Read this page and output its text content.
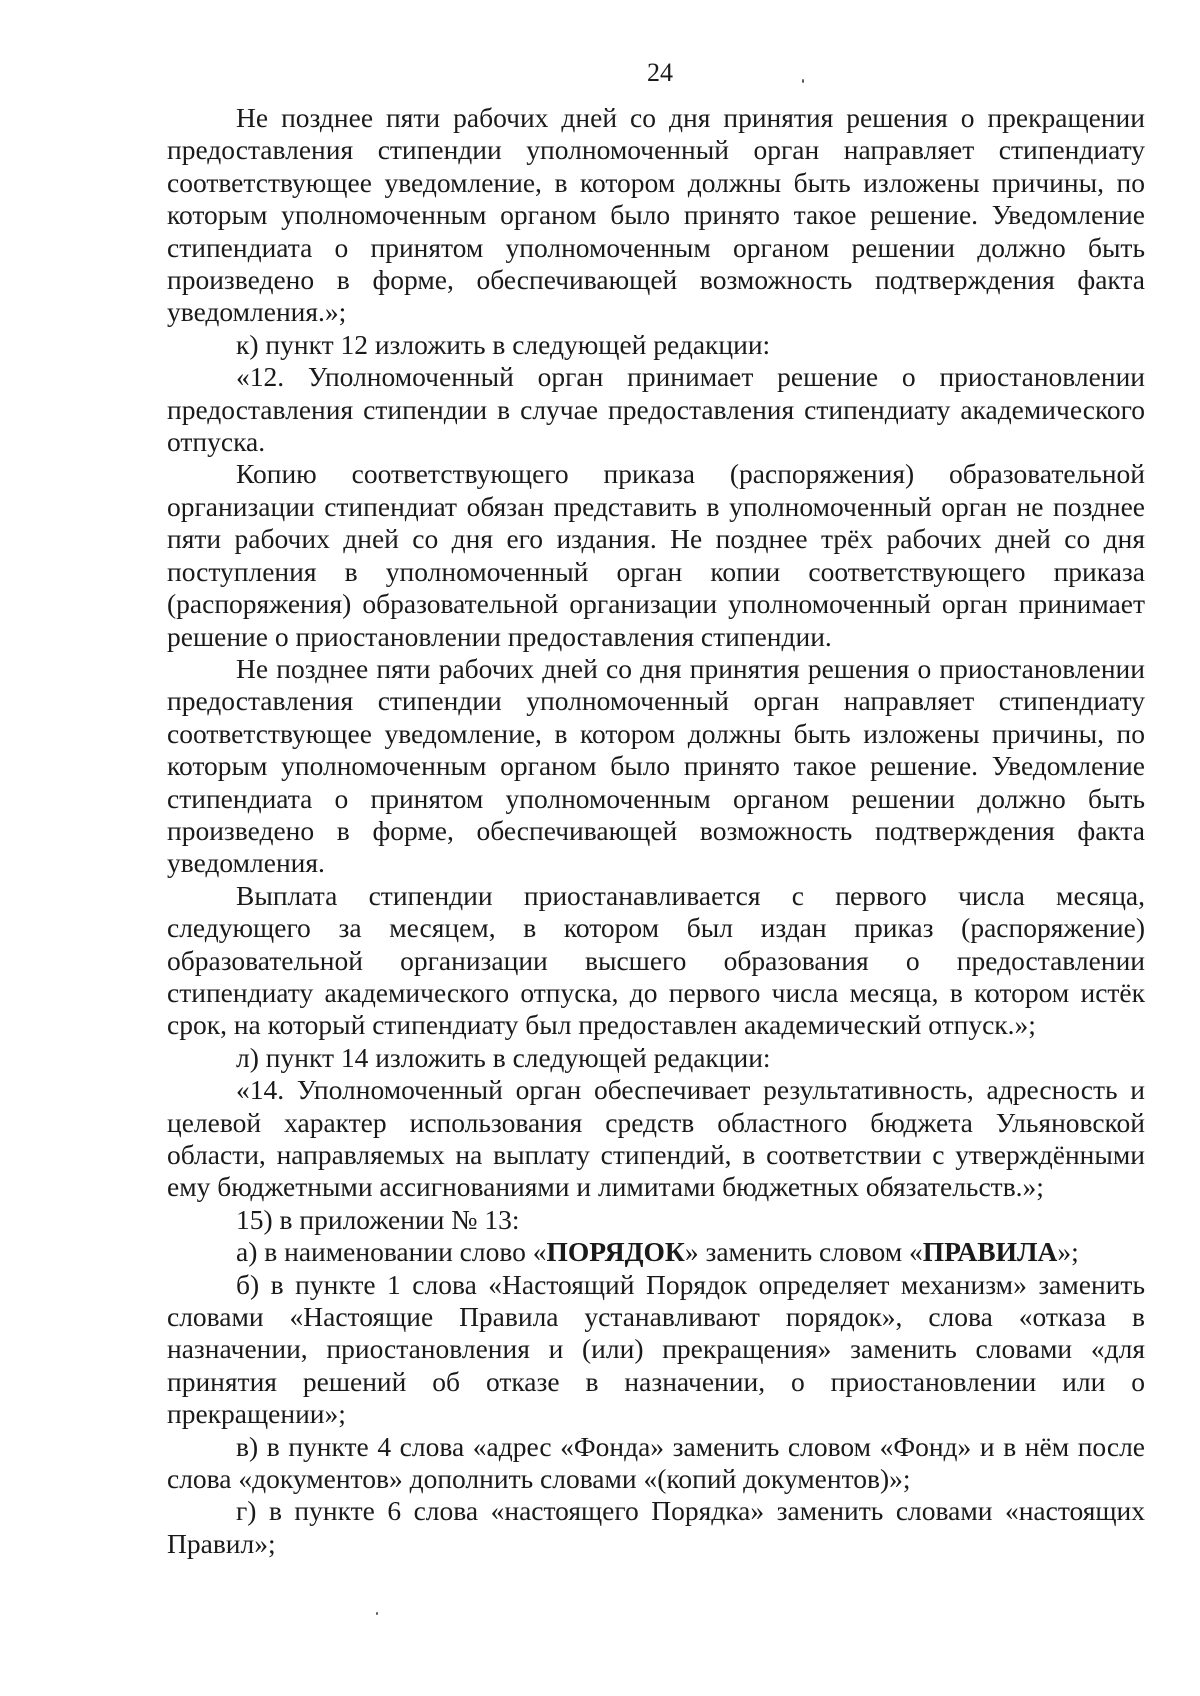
24

Не позднее пяти рабочих дней со дня принятия решения о прекращении предоставления стипендии уполномоченный орган направляет стипендиату соответствующее уведомление, в котором должны быть изложены причины, по которым уполномоченным органом было принято такое решение. Уведомление стипендиата о принятом уполномоченным органом решении должно быть произведено в форме, обеспечивающей возможность подтверждения факта уведомления.»;

к) пункт 12 изложить в следующей редакции:

«12. Уполномоченный орган принимает решение о приостановлении предоставления стипендии в случае предоставления стипендиату академического отпуска.

Копию соответствующего приказа (распоряжения) образовательной организации стипендиат обязан представить в уполномоченный орган не позднее пяти рабочих дней со дня его издания. Не позднее трёх рабочих дней со дня поступления в уполномоченный орган копии соответствующего приказа (распоряжения) образовательной организации уполномоченный орган принимает решение о приостановлении предоставления стипендии.

Не позднее пяти рабочих дней со дня принятия решения о приостановлении предоставления стипендии уполномоченный орган направляет стипендиату соответствующее уведомление, в котором должны быть изложены причины, по которым уполномоченным органом было принято такое решение. Уведомление стипендиата о принятом уполномоченным органом решении должно быть произведено в форме, обеспечивающей возможность подтверждения факта уведомления.

Выплата стипендии приостанавливается с первого числа месяца, следующего за месяцем, в котором был издан приказ (распоряжение) образовательной организации высшего образования о предоставлении стипендиату академического отпуска, до первого числа месяца, в котором истёк срок, на который стипендиату был предоставлен академический отпуск.»;

л) пункт 14 изложить в следующей редакции:

«14. Уполномоченный орган обеспечивает результативность, адресность и целевой характер использования средств областного бюджета Ульяновской области, направляемых на выплату стипендий, в соответствии с утверждёнными ему бюджетными ассигнованиями и лимитами бюджетных обязательств.»;

15) в приложении № 13:

а) в наименовании слово «ПОРЯДОК» заменить словом «ПРАВИЛА»;

б) в пункте 1 слова «Настоящий Порядок определяет механизм» заменить словами «Настоящие Правила устанавливают порядок», слова «отказа в назначении, приостановления и (или) прекращения» заменить словами «для принятия решений об отказе в назначении, о приостановлении или о прекращении»;

в) в пункте 4 слова «адрес «Фонда» заменить словом «Фонд» и в нём после слова «документов» дополнить словами «(копий документов)»;

г) в пункте 6 слова «настоящего Порядка» заменить словами «настоящих Правил»;
